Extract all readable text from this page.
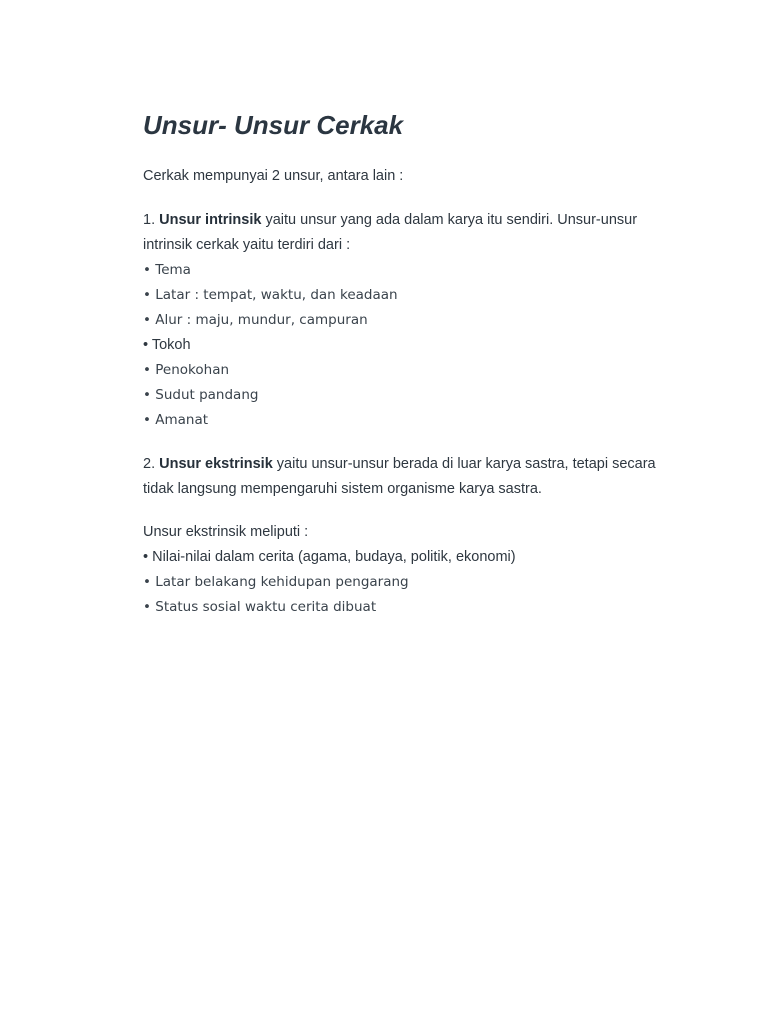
Unsur- Unsur Cerkak

Cerkak mempunyai 2 unsur, antara lain :

1. Unsur intrinsik yaitu unsur yang ada dalam karya itu sendiri. Unsur-unsur intrinsik cerkak yaitu terdiri dari :

• Tema
• Latar : tempat, waktu, dan keadaan
• Alur : maju, mundur, campuran
• Tokoh
• Penokohan
• Sudut pandang
• Amanat

2. Unsur ekstrinsik yaitu unsur-unsur berada di luar karya sastra, tetapi secara tidak langsung mempengaruhi sistem organisme karya sastra.

Unsur ekstrinsik meliputi :

• Nilai-nilai dalam cerita (agama, budaya, politik, ekonomi)
• Latar belakang kehidupan pengarang
• Status sosial waktu cerita dibuat
